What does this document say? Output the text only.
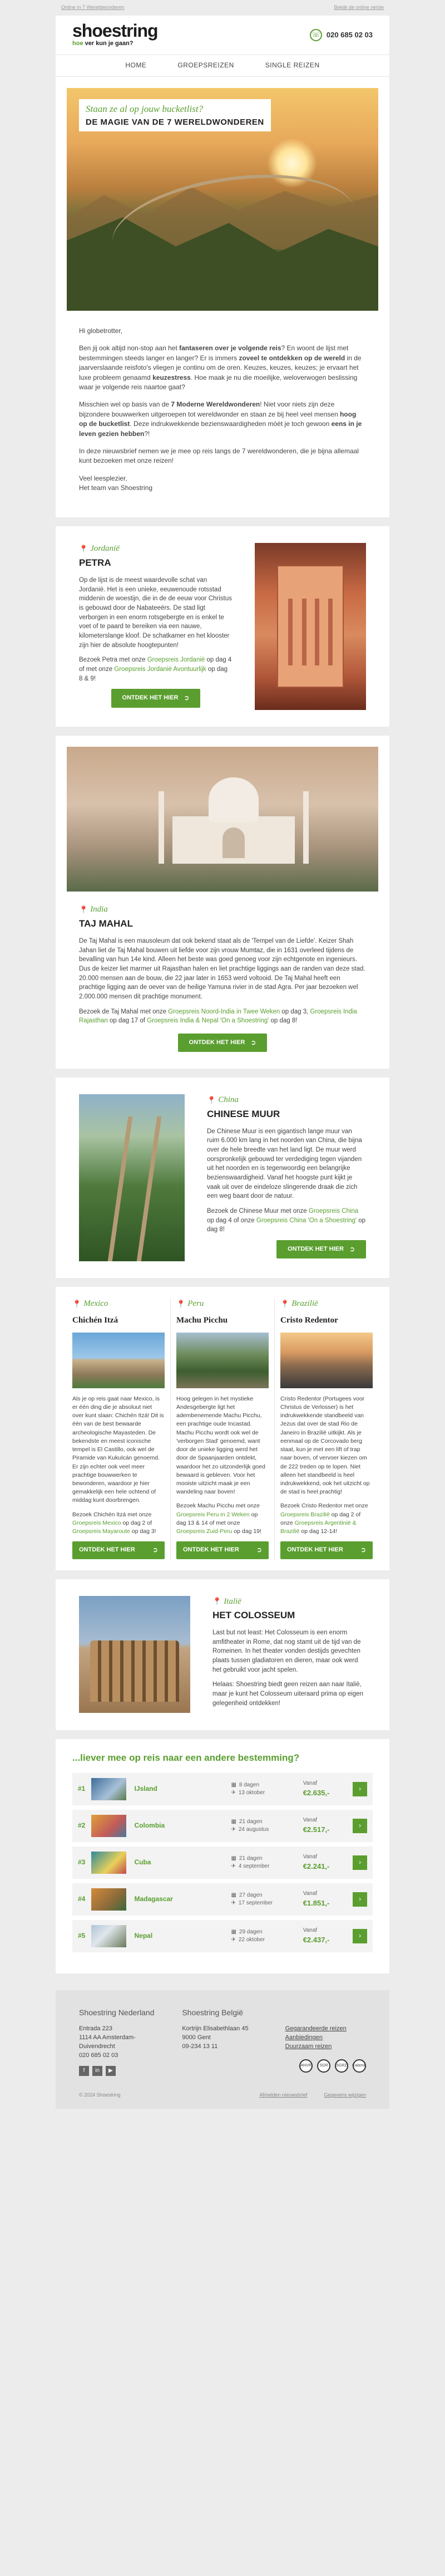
Online in 7 Wereldwonderen	Bekijk de online versie
shoestring
hoe ver kun je gaan?
☏ 020 685 02 03
HOME	GROEPSREIZEN	SINGLE REIZEN
Staan ze al op jouw bucketlist?
DE MAGIE VAN DE 7 WERELDWONDEREN

Hi globetrotter,

Ben jij ook altijd non-stop aan het fantaseren over je volgende reis? En woont de lijst met bestemmingen steeds langer en langer? Er is immers zoveel te ontdekken op de wereld in de jaarverslaande reisfoto's vliegen je continu om de oren. Keuzes, keuzes, keuzes; je ervaart het luxe probleem genaamd keuzestress. Hoe maak je nu die moeilijke, weloverwogen beslissing waar je volgende reis naartoe gaat?

Misschien wel op basis van de 7 Moderne Wereldwonderen! Niet voor niets zijn deze bijzondere bouwwerken uitgeroepen tot wereldwonder en staan ze bij heel veel mensen hoog op de bucketlist. Deze indrukwekkende bezienswaardigheden móét je toch gewoon eens in je leven gezien hebben?!

In deze nieuwsbrief nemen we je mee op reis langs de 7 wereldwonderen, die je bijna allemaal kunt bezoeken met onze reizen!

Veel leesplezier,
Het team van Shoestring

📍 Jordanië
PETRA

Op de lijst is de meest waardevolle schat van Jordanië. Het is een unieke, eeuwenoude rotsstad middenin de woestijn, die in de de eeuw voor Christus is gebouwd door de Nabateeërs. De stad ligt verborgen in een enorm rotsgebergte en is enkel te voet of te paard te bereiken via een nauwe, kilometerslange kloof. De schatkamer en het klooster zijn hier de absolute hoogtepunten!

Bezoek Petra met onze Groepsreis Jordanië op dag 4 of met onze Groepsreis Jordanië Avontuurlijk op dag 8 & 9!

ONTDEK HET HIER ➲
📍 India
TAJ MAHAL

De Taj Mahal is een mausoleum dat ook bekend staat als de 'Tempel van de Liefde'. Keizer Shah Jahan liet de Taj Mahal bouwen uit liefde voor zijn vrouw Mumtaz, die in 1631 overleed tijdens de bevalling van hun 14e kind. Alleen het beste was goed genoeg voor zijn echtgenote en ingenieurs. Dus de keizer liet marmer uit Rajasthan halen en liet prachtige liggings aan de randen van deze stad. 20.000 mensen aan de bouw, die 22 jaar later in 1653 werd voltooid. De Taj Mahal heeft een prachtige ligging aan de oever van de heilige Yamuna rivier in de stad Agra. Per jaar bezoeken wel 2.000.000 mensen dit prachtige monument.

Bezoek de Taj Mahal met onze Groepsreis Noord-India in Twee Weken op dag 3, Groepsreis India Rajasthan op dag 17 of Groepsreis India & Nepal 'On a Shoestring' op dag 8!

ONTDEK HET HIER ➲
📍 China
CHINESE MUUR

De Chinese Muur is een gigantisch lange muur van ruim 6.000 km lang in het noorden van China, die bijna over de hele breedte van het land ligt. De muur werd oorspronkelijk gebouwd ter verdediging tegen vijanden uit het noorden en is tegenwoordig een belangrijke bezienswaardigheid. Vanaf het hoogste punt kijkt je vaak uit over de eindeloze slingerende draak die zich een weg baant door de natuur.

Bezoek de Chinese Muur met onze Groepsreis China op dag 4 of onze Groepsreis China 'On a Shoestring' op dag 8!

ONTDEK HET HIER ➲
📍 Mexico
Chichén Itzá

Als je op reis gaat naar Mexico, is er één ding die je absoluut niet over kunt slaan: Chichén Itzá! Dit is één van de best bewaarde archeologische Mayasteden. De bekendste en meest iconische tempel is El Castillo, ook wel de Piramide van Kukulcán genoemd. Er zijn echter ook veel meer prachtige bouwwerken te bewonderen, waardoor je hier gemakkelijk een hele ochtend of middag kunt doorbrengen.

Bezoek Chichén Itzá met onze Groepsreis Mexico op dag 2 of Groepsreis Mayaroute op dag 3!

ONTDEK HET HIER	➲
📍 Peru
Machu Picchu

Hoog gelegen in het mystieke Andesgebergte ligt het adembenemende Machu Picchu, een prachtige oude Incastad. Machu Picchu wordt ook wel de 'verborgen Stad' genoemd, want door de unieke ligging werd het door de Spaanjaarden ontdekt, waardoor het zo uitzonderlijk goed bewaard is gebleven. Voor het mooiste uitzicht maak je een wandeling naar boven!

Bezoek Machu Picchu met onze Groepsreis Peru in 2 Weken op dag 13 & 14 of met onze Groepsreis Zuid-Peru op dag 19!

ONTDEK HET HIER	➲
📍 Brazilië
Cristo Redentor

Cristo Redentor (Portugees voor Christus de Verlosser) is het indrukwekkende standbeeld van Jezus dat over de stad Rio de Janeiro in Brazilië uitkijkt. Als je eenmaal op de Corcovado berg staat, kun je met een lift of trap naar boven, of vervoer kiezen om de 222 treden op te lopen. Niet alleen het standbeeld is heel indrukwekkend, ook het uitzicht op de stad is heel prachtig!

Bezoek Cristo Redentor met onze Groepsreis Brazilië op dag 2 of onze Groepsreis Argentinië & Brazilië op dag 12-14!

ONTDEK HET HIER	➲
📍 Italië
HET COLOSSEUM

Last but not least: Het Colosseum is een enorm amfitheater in Rome, dat nog stamt uit de tijd van de Romeinen. In het theater vonden destijds gevechten plaats tussen gladiatoren en dieren, maar ook werd het gebruikt voor jacht spelen.

Helaas: Shoestring biedt geen reizen aan naar Italië, maar je kunt het Colosseum uiteraard prima op eigen gelegenheid ontdekken!

...liever mee op reis naar een andere bestemming?
#1	IJsland
▦ 8 dagen
✈ 13 oktober
Vanaf
€2.635,-	›
#2	Colombia
▦ 21 dagen
✈ 24 augustus
Vanaf
€2.517,-	›
#3	Cuba
▦ 21 dagen
✈ 4 september
Vanaf
€2.241,-	›
#4	Madagascar
▦ 27 dagen
✈ 17 september
Vanaf
€1.851,-	›
#5	Nepal
▦ 29 dagen
✈ 22 oktober
Vanaf
€2.437,-	›
Shoestring Nederland
Entrada 223
1114 AA Amsterdam-Duivendrecht
020 685 02 03
f	in	▶
Shoestring België
Kortrijn Elisabethlaan 45
9000 Gent
09-234 13 11

Gegarandeerde reizen
Aanbiedingen
Duurzaam reizen
ANVR	SGR	SGRZ	Calamit.
© 2024 Shoestring	Afmelden nieuwsbrief	Gegevens wijzigen
